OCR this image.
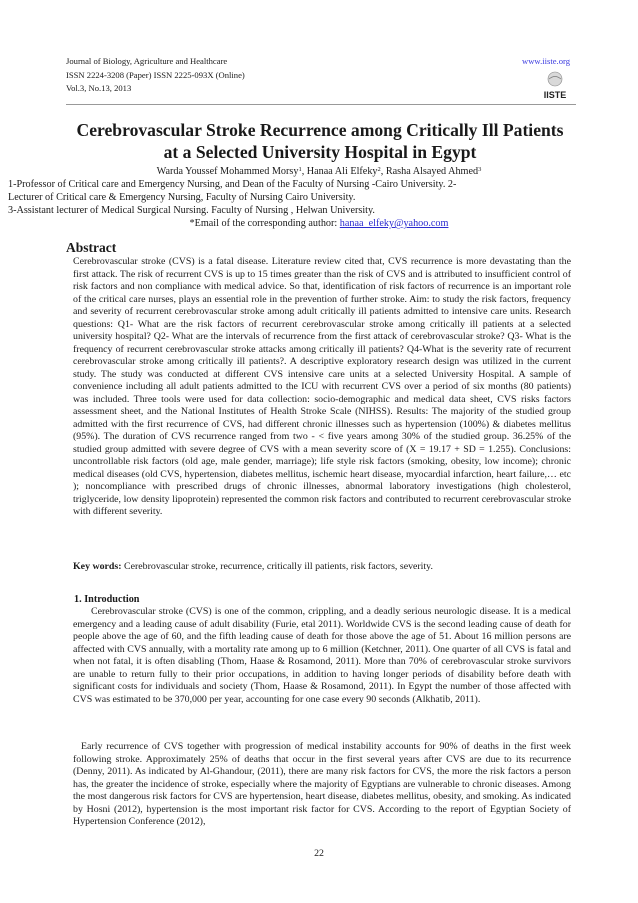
Journal of Biology, Agriculture and Healthcare
ISSN 2224-3208 (Paper) ISSN 2225-093X (Online)
Vol.3, No.13, 2013
www.iiste.org
IISTE
Cerebrovascular Stroke Recurrence among Critically Ill Patients
at a Selected University Hospital in Egypt
Warda Youssef Mohammed Morsy$^1$, Hanaa Ali Elfeky$^2$, Rasha Alsayed Ahmed$^3$
1-Professor of Critical care and Emergency Nursing, and Dean of the Faculty of Nursing -Cairo University. 2-
Lecturer of Critical care & Emergency Nursing, Faculty of Nursing Cairo University.
3-Assistant lecturer of Medical Surgical Nursing. Faculty of Nursing , Helwan University.
*Email of the corresponding author: hanaa_elfeky@yahoo.com
Abstract
Cerebrovascular stroke (CVS) is a fatal disease. Literature review cited that, CVS recurrence is more devastating than the first attack. The risk of recurrent CVS is up to 15 times greater than the risk of CVS and is attributed to insufficient control of risk factors and non compliance with medical advice. So that, identification of risk factors of recurrence is an important role of the critical care nurses, plays an essential role in the prevention of further stroke. Aim: to study the risk factors, frequency and severity of recurrent cerebrovascular stroke among adult critically ill patients admitted to intensive care units. Research questions: Q1- What are the risk factors of recurrent cerebrovascular stroke among critically ill patients at a selected university hospital? Q2- What are the intervals of recurrence from the first attack of cerebrovascular stroke? Q3- What is the frequency of recurrent cerebrovascular stroke attacks among critically ill patients? Q4-What is the severity rate of recurrent cerebrovascular stroke among critically ill patients?. A descriptive exploratory research design was utilized in the current study. The study was conducted at different CVS intensive care units at a selected University Hospital. A sample of convenience including all adult patients admitted to the ICU with recurrent CVS over a period of six months (80 patients) was included. Three tools were used for data collection: socio-demographic and medical data sheet, CVS risks factors assessment sheet, and the National Institutes of Health Stroke Scale (NIHSS). Results: The majority of the studied group admitted with the first recurrence of CVS, had different chronic illnesses such as hypertension (100%) & diabetes mellitus (95%). The duration of CVS recurrence ranged from two - < five years among 30% of the studied group. 36.25% of the studied group admitted with severe degree of CVS with a mean severity score of (X = 19.17 + SD = 1.255). Conclusions: uncontrollable risk factors (old age, male gender, marriage); life style risk factors (smoking, obesity, low income); chronic medical diseases (old CVS, hypertension, diabetes mellitus, ischemic heart disease, myocardial infarction, heart failure,… etc ); noncompliance with prescribed drugs of chronic illnesses, abnormal laboratory investigations (high cholesterol, triglyceride, low density lipoprotein) represented the common risk factors and contributed to recurrent cerebrovascular stroke with different severity.
Key words: Cerebrovascular stroke, recurrence, critically ill patients, risk factors, severity.
1. Introduction
Cerebrovascular stroke (CVS) is one of the common, crippling, and a deadly serious neurologic disease. It is a medical emergency and a leading cause of adult disability (Furie, etal 2011). Worldwide CVS is the second leading cause of death for people above the age of 60, and the fifth leading cause of death for those above the age of 51. About 16 million persons are affected with CVS annually, with a mortality rate among up to 6 million (Ketchner, 2011). One quarter of all CVS is fatal and when not fatal, it is often disabling (Thom, Haase & Rosamond, 2011). More than 70% of cerebrovascular stroke survivors are unable to return fully to their prior occupations, in addition to having longer periods of disability before death with significant costs for individuals and society (Thom, Haase & Rosamond, 2011). In Egypt the number of those affected with CVS was estimated to be 370,000 per year, accounting for one case every 90 seconds (Alkhatib, 2011).
Early recurrence of CVS together with progression of medical instability accounts for 90% of deaths in the first week following stroke. Approximately 25% of deaths that occur in the first several years after CVS are due to its recurrence (Denny, 2011). As indicated by Al-Ghandour, (2011), there are many risk factors for CVS, the more the risk factors a person has, the greater the incidence of stroke, especially where the majority of Egyptians are vulnerable to chronic diseases. Among the most dangerous risk factors for CVS are hypertension, heart disease, diabetes mellitus, obesity, and smoking. As indicated by Hosni (2012), hypertension is the most important risk factor for CVS. According to the report of Egyptian Society of Hypertension Conference (2012),
22
